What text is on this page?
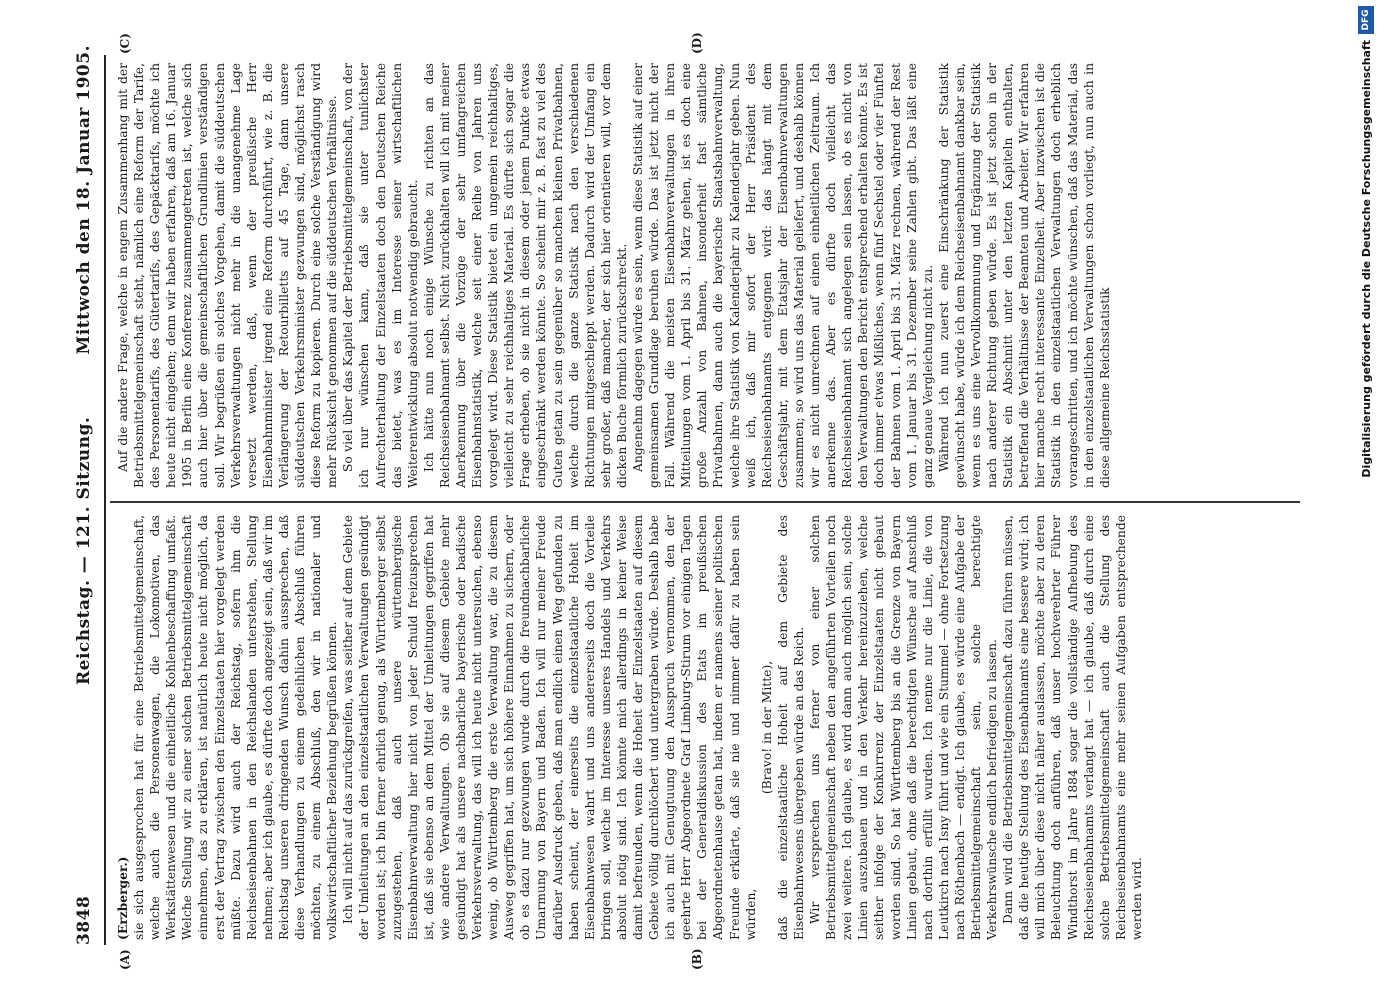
3848
Reichstag. — 121. Sitzung.
Mittwoch den 18. Januar 1905.
(A)	(B)
(C)	(D)

(Erzberger.) sie sich ausgesprochen hat für eine Betriebsmittelgemeinschaft, welche auch die Personenwagen, die Lokomotiven, das Werkstättenwesen und die einheitliche Kohlenbeschaffung umfaßt. Welche Stellung wir zu einer solchen Betriebsmittelgemeinschaft einnehmen, das zu erklären, ist natürlich heute nicht möglich, da erst der Vertrag zwischen den Einzelstaaten hier vorgelegt werden müßte. Dazu wird auch der Reichstag, sofern ihm die Reichseisenbahnen in den Reichslanden unterstehen, Stellung nehmen; aber ich glaube, es dürfte doch angezeigt sein, daß wir im Reichstag unseren dringenden Wunsch dahin aussprechen, daß diese Verhandlungen zu einem gedeihlichen Abschluß führen möchten, zu einem Abschluß, den wir in nationaler und volkswirtschaftlicher Beziehung begrüßen können. Ich will nicht auf das zurückgreifen, was seither auf dem Gebiete der Umleitungen an den einzelstaatlichen Verwaltungen gesündigt worden ist; ich bin ferner ehrlich genug, als Württemberger selbst zuzugestehen, daß auch unsere württembergische Eisenbahnverwaltung hier nicht von jeder Schuld freizusprechen ist, daß sie ebenso an dem Mittel der Umleitungen gegriffen hat wie andere Verwaltungen. Ob sie auf diesem Gebiete mehr gesündigt hat als unsere nachbarliche bayerische oder badische Verkehrsverwaltung, das will ich heute nicht untersuchen, ebenso wenig, ob Württemberg die erste Verwaltung war, die zu diesem Ausweg gegriffen hat, um sich höhere Einnahmen zu sichern, oder ob es dazu nur gezwungen wurde durch die freundnachbarliche Umarmung von Bayern und Baden. Ich will nur meiner Freude darüber Ausdruck geben, daß man endlich einen Weg gefunden zu haben scheint, der einerseits die einzelstaatliche Hoheit im Eisenbahnwesen wahrt und uns andererseits doch die Vorteile bringen soll, welche im Interesse unseres Handels und Verkehrs absolut nötig sind. Ich könnte mich allerdings in keiner Weise damit befreunden, wenn die Hoheit der Einzelstaaten auf diesem Gebiete völlig durchlöchert und untergraben würde. Deshalb habe ich auch mit Genugtuung den Ausspruch vernommen, den der geehrte Herr Abgeordnete Graf Limburg-Stirum vor einigen Tagen bei der Generaldiskussion des Etats im preußischen Abgeordnetenhause getan hat, indem er namens seiner politischen Freunde erklärte, daß sie nie und nimmer dafür zu haben sein würden,

(Bravo! in der Mitte), daß die einzelstaatliche Hoheit auf dem Gebiete des Eisenbahnwesens übergeben würde an das Reich. Wir versprechen uns ferner von einer solchen Betriebsmittelgemeinschaft neben den angeführten Vorteilen noch zwei weitere. Ich glaube, es wird dann auch möglich sein, solche Linien auszubauen und in den Verkehr hereinzuziehen, welche seither infolge der Konkurrenz der Einzelstaaten nicht gebaut worden sind. So hat Württemberg bis an die Grenze von Bayern Linien gebaut, ohne daß die berechtigten Wünsche auf Anschluß nach dorthin erfüllt wurden. Ich nenne nur die Linie, die von Leutkirch nach Isny führt und wie ein Stummel — ohne Fortsetzung nach Röthenbach — endigt. Ich glaube, es würde eine Aufgabe der Betriebsmittelgemeinschaft sein, solche berechtigte Verkehrswünsche endlich befriedigen zu lassen. Dann wird die Betriebsmittelgemeinschaft dazu führen müssen, daß die heutige Stellung des Eisenbahnamts eine bessere wird; ich will mich über diese nicht näher auslassen, möchte aber zu deren Beleuchtung doch anführen, daß unser hochverehrter Führer Windthorst im Jahre 1884 sogar die vollständige Aufhebung des Reichseisenbahnamts verlangt hat — ich glaube, daß durch eine solche Betriebsmittelgemeinschaft auch die Stellung des Reichseisenbahnamts eine mehr seinen Aufgaben entsprechende werden wird.

Auf die andere Frage, welche in engem Zusammenhang mit der Betriebsmittelgemeinschaft steht, nämlich eine Reform der Tarife, des Personentarifs, des Gütertarifs, des Gepäcktarifs, möchte ich heute nicht eingehen; denn wir haben erfahren, daß am 16. Januar 1905 in Berlin eine Konferenz zusammengetreten ist, welche sich auch hier über die gemeinschaftlichen Grundlinien verständigen soll. Wir begrüßen ein solches Vorgehen, damit die süddeutschen Verkehrsverwaltungen nicht mehr in die unangenehme Lage versetzt werden, daß, wenn der preußische Herr Eisenbahnminister irgend eine Reform durchführt, wie z. B. die Verlängerung der Retourbilletts auf 45 Tage, dann unsere süddeutschen Verkehrsminister gezwungen sind, möglichst rasch diese Reform zu kopieren. Durch eine solche Verständigung wird mehr Rücksicht genommen auf die süddeutschen Verhältnisse. So viel über das Kapitel der Betriebsmittelgemeinschaft, von der ich nur wünschen kann, daß sie unter tunlichster Aufrechterhaltung der Einzelstaaten doch den Deutschen Reiche das bietet, was es im Interesse seiner wirtschaftlichen Weiterentwicklung absolut notwendig gebraucht. Ich hätte nun noch einige Wünsche zu richten an das Reichseisenbahnamt selbst. Nicht zurückhalten will ich mit meiner Anerkennung über die Vorzüge der sehr umfangreichen Eisenbahnstatistik, welche seit einer Reihe von Jahren uns vorgelegt wird. Diese Statistik bietet ein ungemein reichhaltiges, vielleicht zu sehr reichhaltiges Material. Es dürfte sich sogar die Frage erheben, ob sie nicht in diesem oder jenem Punkte etwas eingeschränkt werden könnte. So scheint mir z. B. fast zu viel des Guten getan zu sein gegenüber so manchen kleinen Privatbahnen, welche durch die ganze Statistik nach den verschiedenen Richtungen mitgeschleppt werden. Dadurch wird der Umfang ein sehr großer, daß mancher, der sich hier orientieren will, vor dem dicken Buche förmlich zurückschreckt. Angenehm dagegen würde es sein, wenn diese Statistik auf einer gemeinsamen Grundlage beruhen würde. Das ist jetzt nicht der Fall. Während die meisten Eisenbahnverwaltungen in ihren Mitteilungen vom 1. April bis 31. März gehen, ist es doch eine große Anzahl von Bahnen, insonderheit fast sämtliche Privatbahnen, dann auch die bayerische Staatsbahnverwaltung, welche ihre Statistik von Kalenderjahr zu Kalenderjahr geben. Nun weiß ich, daß mir sofort der Herr Präsident des Reichseisenbahnamts entgegnen wird: das hängt mit dem Geschäftsjahr, mit dem Etatsjahr der Eisenbahnverwaltungen zusammen; so wird uns das Material geliefert, und deshalb können wir es nicht umrechnen auf einen einheitlichen Zeitraum. Ich anerkenne das. Aber es dürfte doch vielleicht das Reichseisenbahnamt sich angelegen sein lassen, ob es nicht von den Verwaltungen den Bericht entsprechend erhalten könnte. Es ist doch immer etwas Mißliches, wenn fünf Sechstel oder vier Fünftel der Bahnen vom 1. April bis 31. März rechnen, während der Rest vom 1. Januar bis 31. Dezember seine Zahlen gibt. Das läßt eine ganz genaue Vergleichung nicht zu. Während ich nun zuerst eine Einschränkung der Statistik gewünscht habe, würde ich dem Reichseisenbahnamt dankbar sein, wenn es uns eine Vervollkommnung und Ergänzung der Statistik nach anderer Richtung geben würde. Es ist jetzt schon in der Statistik ein Abschnitt unter den letzten Kapiteln enthalten, betreffend die Verhältnisse der Beamten und Arbeiter. Wir erfahren hier manche recht interessante Einzelheit. Aber inzwischen ist die Statistik in den einzelstaatlichen Verwaltungen doch erheblich vorangeschritten, und ich möchte wünschen, daß das Material, das in den einzelstaatlichen Verwaltungen schon vorliegt, nun auch in diese allgemeine Reichsstatistik	Digitalisierung gefördert durch die Deutsche Forschungsgemeinschaft
DFG
